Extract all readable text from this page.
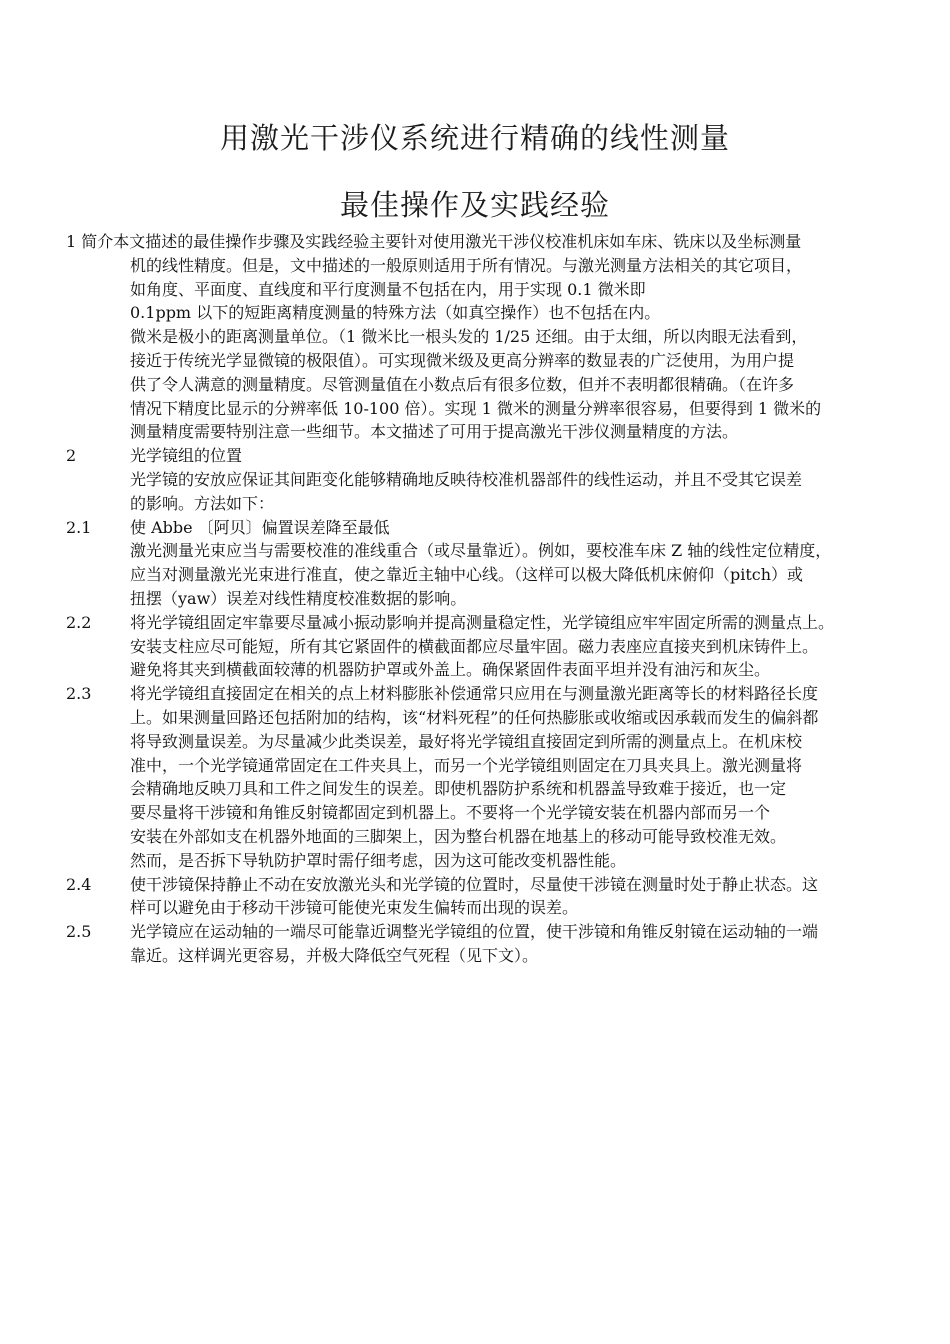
用激光干涉仪系统进行精确的线性测量
最佳操作及实践经验
1 简介本文描述的最佳操作步骤及实践经验主要针对使用激光干涉仪校准机床如车床、铣床以及坐标测量
机的线性精度。但是，文中描述的一般原则适用于所有情况。与激光测量方法相关的其它项目，
如角度、平面度、直线度和平行度测量不包括在内，用于实现 0.1 微米即
0.1ppm 以下的短距离精度测量的特殊方法（如真空操作）也不包括在内。
微米是极小的距离测量单位。（1 微米比一根头发的 1/25 还细。由于太细，所以肉眼无法看到，
接近于传统光学显微镜的极限值）。可实现微米级及更高分辨率的数显表的广泛使用，为用户提
供了令人满意的测量精度。尽管测量值在小数点后有很多位数，但并不表明都很精确。（在许多
情况下精度比显示的分辨率低 10-100 倍）。实现 1 微米的测量分辨率很容易，但要得到 1 微米的
测量精度需要特别注意一些细节。本文描述了可用于提高激光干涉仪测量精度的方法。
2	光学镜组的位置
光学镜的安放应保证其间距变化能够精确地反映待校准机器部件的线性运动，并且不受其它误差
的影响。方法如下：
2.1	使 Abbe 〔阿贝〕偏置误差降至最低
激光测量光束应当与需要校准的准线重合（或尽量靠近）。例如，要校准车床 Z 轴的线性定位精度，
应当对测量激光光束进行准直，使之靠近主轴中心线。（这样可以极大降低机床俯仰（pitch）或
扭摆（yaw）误差对线性精度校准数据的影响。
2.2	将光学镜组固定牢靠要尽量减小振动影响并提高测量稳定性，光学镜组应牢牢固定所需的测量点上。
安装支柱应尽可能短，所有其它紧固件的横截面都应尽量牢固。磁力表座应直接夹到机床铸件上。
避免将其夹到横截面较薄的机器防护罩或外盖上。确保紧固件表面平坦并没有油污和灰尘。
2.3	将光学镜组直接固定在相关的点上材料膨胀补偿通常只应用在与测量激光距离等长的材料路径长度
上。如果测量回路还包括附加的结构，该“材料死程”的任何热膨胀或收缩或因承载而发生的偏斜都
将导致测量误差。为尽量减少此类误差，最好将光学镜组直接固定到所需的测量点上。在机床校
准中，一个光学镜通常固定在工件夹具上，而另一个光学镜组则固定在刀具夹具上。激光测量将
会精确地反映刀具和工件之间发生的误差。即使机器防护系统和机器盖导致难于接近，也一定
要尽量将干涉镜和角锥反射镜都固定到机器上。不要将一个光学镜安装在机器内部而另一个
安装在外部如支在机器外地面的三脚架上，因为整台机器在地基上的移动可能导致校准无效。
然而，是否拆下导轨防护罩时需仔细考虑，因为这可能改变机器性能。
2.4	使干涉镜保持静止不动在安放激光头和光学镜的位置时，尽量使干涉镜在测量时处于静止状态。这
样可以避免由于移动干涉镜可能使光束发生偏转而出现的误差。
2.5	光学镜应在运动轴的一端尽可能靠近调整光学镜组的位置，使干涉镜和角锥反射镜在运动轴的一端
靠近。这样调光更容易，并极大降低空气死程（见下文）。
